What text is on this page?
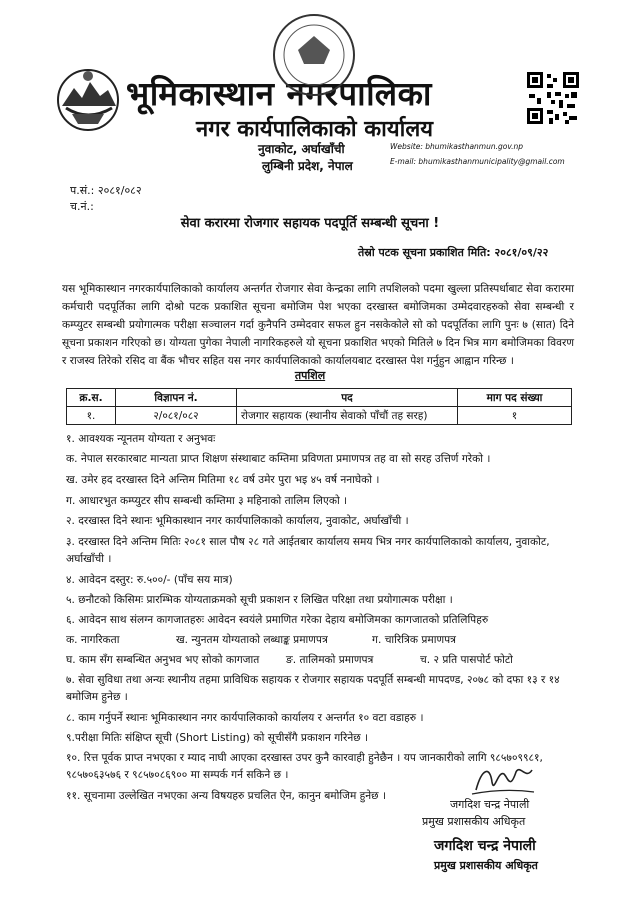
भूमिकास्थान नगरपालिका
नगर कार्यपालिकाको कार्यालय
नुवाकोट, अर्घाखाँची
लुम्बिनी प्रदेश, नेपाल
Website: bhumikasthanmun.gov.np
E-mail: bhumikasthanmunicipality@gmail.com
प.सं.: २०८१/०८२
च.नं.:
सेवा करारमा रोजगार सहायक पदपूर्ति सम्बन्धी सूचना !
तेस्रो पटक सूचना प्रकाशित मिति: २०८१/०९/२२
यस भूमिकास्थान नगरकार्यपालिकाको कार्यालय अन्तर्गत रोजगार सेवा केन्द्रका लागि तपशिलको पदमा खुल्ला प्रतिस्पर्धाबाट सेवा करारमा कर्मचारी पदपूर्तिका लागि दोश्रो पटक प्रकाशित सूचना बमोजिम पेश भएका दरखास्त बमोजिमका उम्मेदवारहरुको सेवा सम्बन्धी र कम्प्युटर सम्बन्धी प्रयोगात्मक परीक्षा सञ्चालन गर्दा कुनैपनि उम्मेदवार सफल हुन नसकेकोले सो को पदपूर्तिका लागि पुनः ७ (सात) दिने सूचना प्रकाशन गरिएको छ। योग्यता पुगेका नेपाली नागरिकहरुले यो सूचना प्रकाशित भएको मितिले ७ दिन भित्र माग बमोजिमका विवरण र राजस्व तिरेको रसिद वा बैंक भौचर सहित यस नगर कार्यपालिकाको कार्यालयबाट दरखास्त पेश गर्नुहुन आह्वान गरिन्छ ।
तपशिल
क्र.स.	विज्ञापन नं.	पद	माग पद संख्या
१.	२/०८१/०८२	रोजगार सहायक (स्थानीय सेवाको पाँचौं तह सरह)	१
१. आवश्यक न्यूनतम योग्यता र अनुभवः
क. नेपाल सरकारबाट मान्यता प्राप्त शिक्षण संस्थाबाट कम्तिमा प्रविणता प्रमाणपत्र तह वा सो सरह उत्तिर्ण गरेको ।
ख. उमेर हद दरखास्त दिने अन्तिम मितिमा १८ वर्ष उमेर पुरा भइ ४५ वर्ष ननाघेको ।
ग. आधारभुत कम्प्युटर सीप सम्बन्धी कम्तिमा ३ महिनाको तालिम लिएको ।
२. दरखास्त दिने स्थानः भूमिकास्थान नगर कार्यपालिकाको कार्यालय, नुवाकोट, अर्घाखाँची ।
३. दरखास्त दिने अन्तिम मितिः २०८१ साल पौष २८ गते आईतबार कार्यालय समय भित्र नगर कार्यपालिकाको कार्यालय, नुवाकोट, अर्घाखाँची ।
४. आवेदन दस्तुर: रु.५००/- (पाँच सय मात्र)
५. छनौटको किसिमः प्रारम्भिक योग्यताक्रमको सूची प्रकाशन र लिखित परिक्षा तथा प्रयोगात्मक परीक्षा ।
६. आवेदन साथ संलग्न कागजातहरुः आवेदन स्वयंले प्रमाणित गरेका देहाय बमोजिमका कागजातको प्रतिलिपिहरु
क. नागरिकता	ख. न्युनतम योग्यताको लब्धाङ्क प्रमाणपत्र	ग. चारित्रिक प्रमाणपत्र
घ. काम सँग सम्बन्धित अनुभव भए सोको कागजात	ङ. तालिमको प्रमाणपत्र	च. २ प्रति पासपोर्ट फोटो
७. सेवा सुविधा तथा अन्यः स्थानीय तहमा प्राविधिक सहायक र रोजगार सहायक पदपूर्ति सम्बन्धी मापदण्ड, २०७८ को दफा १३ र १४ बमोजिम हुनेछ ।
८. काम गर्नुपर्ने स्थानः भूमिकास्थान नगर कार्यपालिकाको कार्यालय र अन्तर्गत १० वटा वडाहरु ।
९.परीक्षा मितिः संक्षिप्त सूची (Short Listing) को सूचीसँगै प्रकाशन गरिनेछ ।
१०. रित्त पूर्वक प्राप्त नभएका र म्याद नाघी आएका दरखास्त उपर कुनै कारवाही हुनेछैन । यप जानकारीको लागि ९८५७०९९८१, ९८५७०६३५७६ र ९८५७०८६९०० मा सम्पर्क गर्न सकिने छ ।
११. सूचनामा उल्लेखित नभएका अन्य विषयहरु प्रचलित ऐन, कानुन बमोजिम हुनेछ ।
जगदिश चन्द्र नेपाली
प्रमुख प्रशासकीय अधिकृत
जगदिश चन्द्र नेपाली
प्रमुख प्रशासकीय अधिकृत
